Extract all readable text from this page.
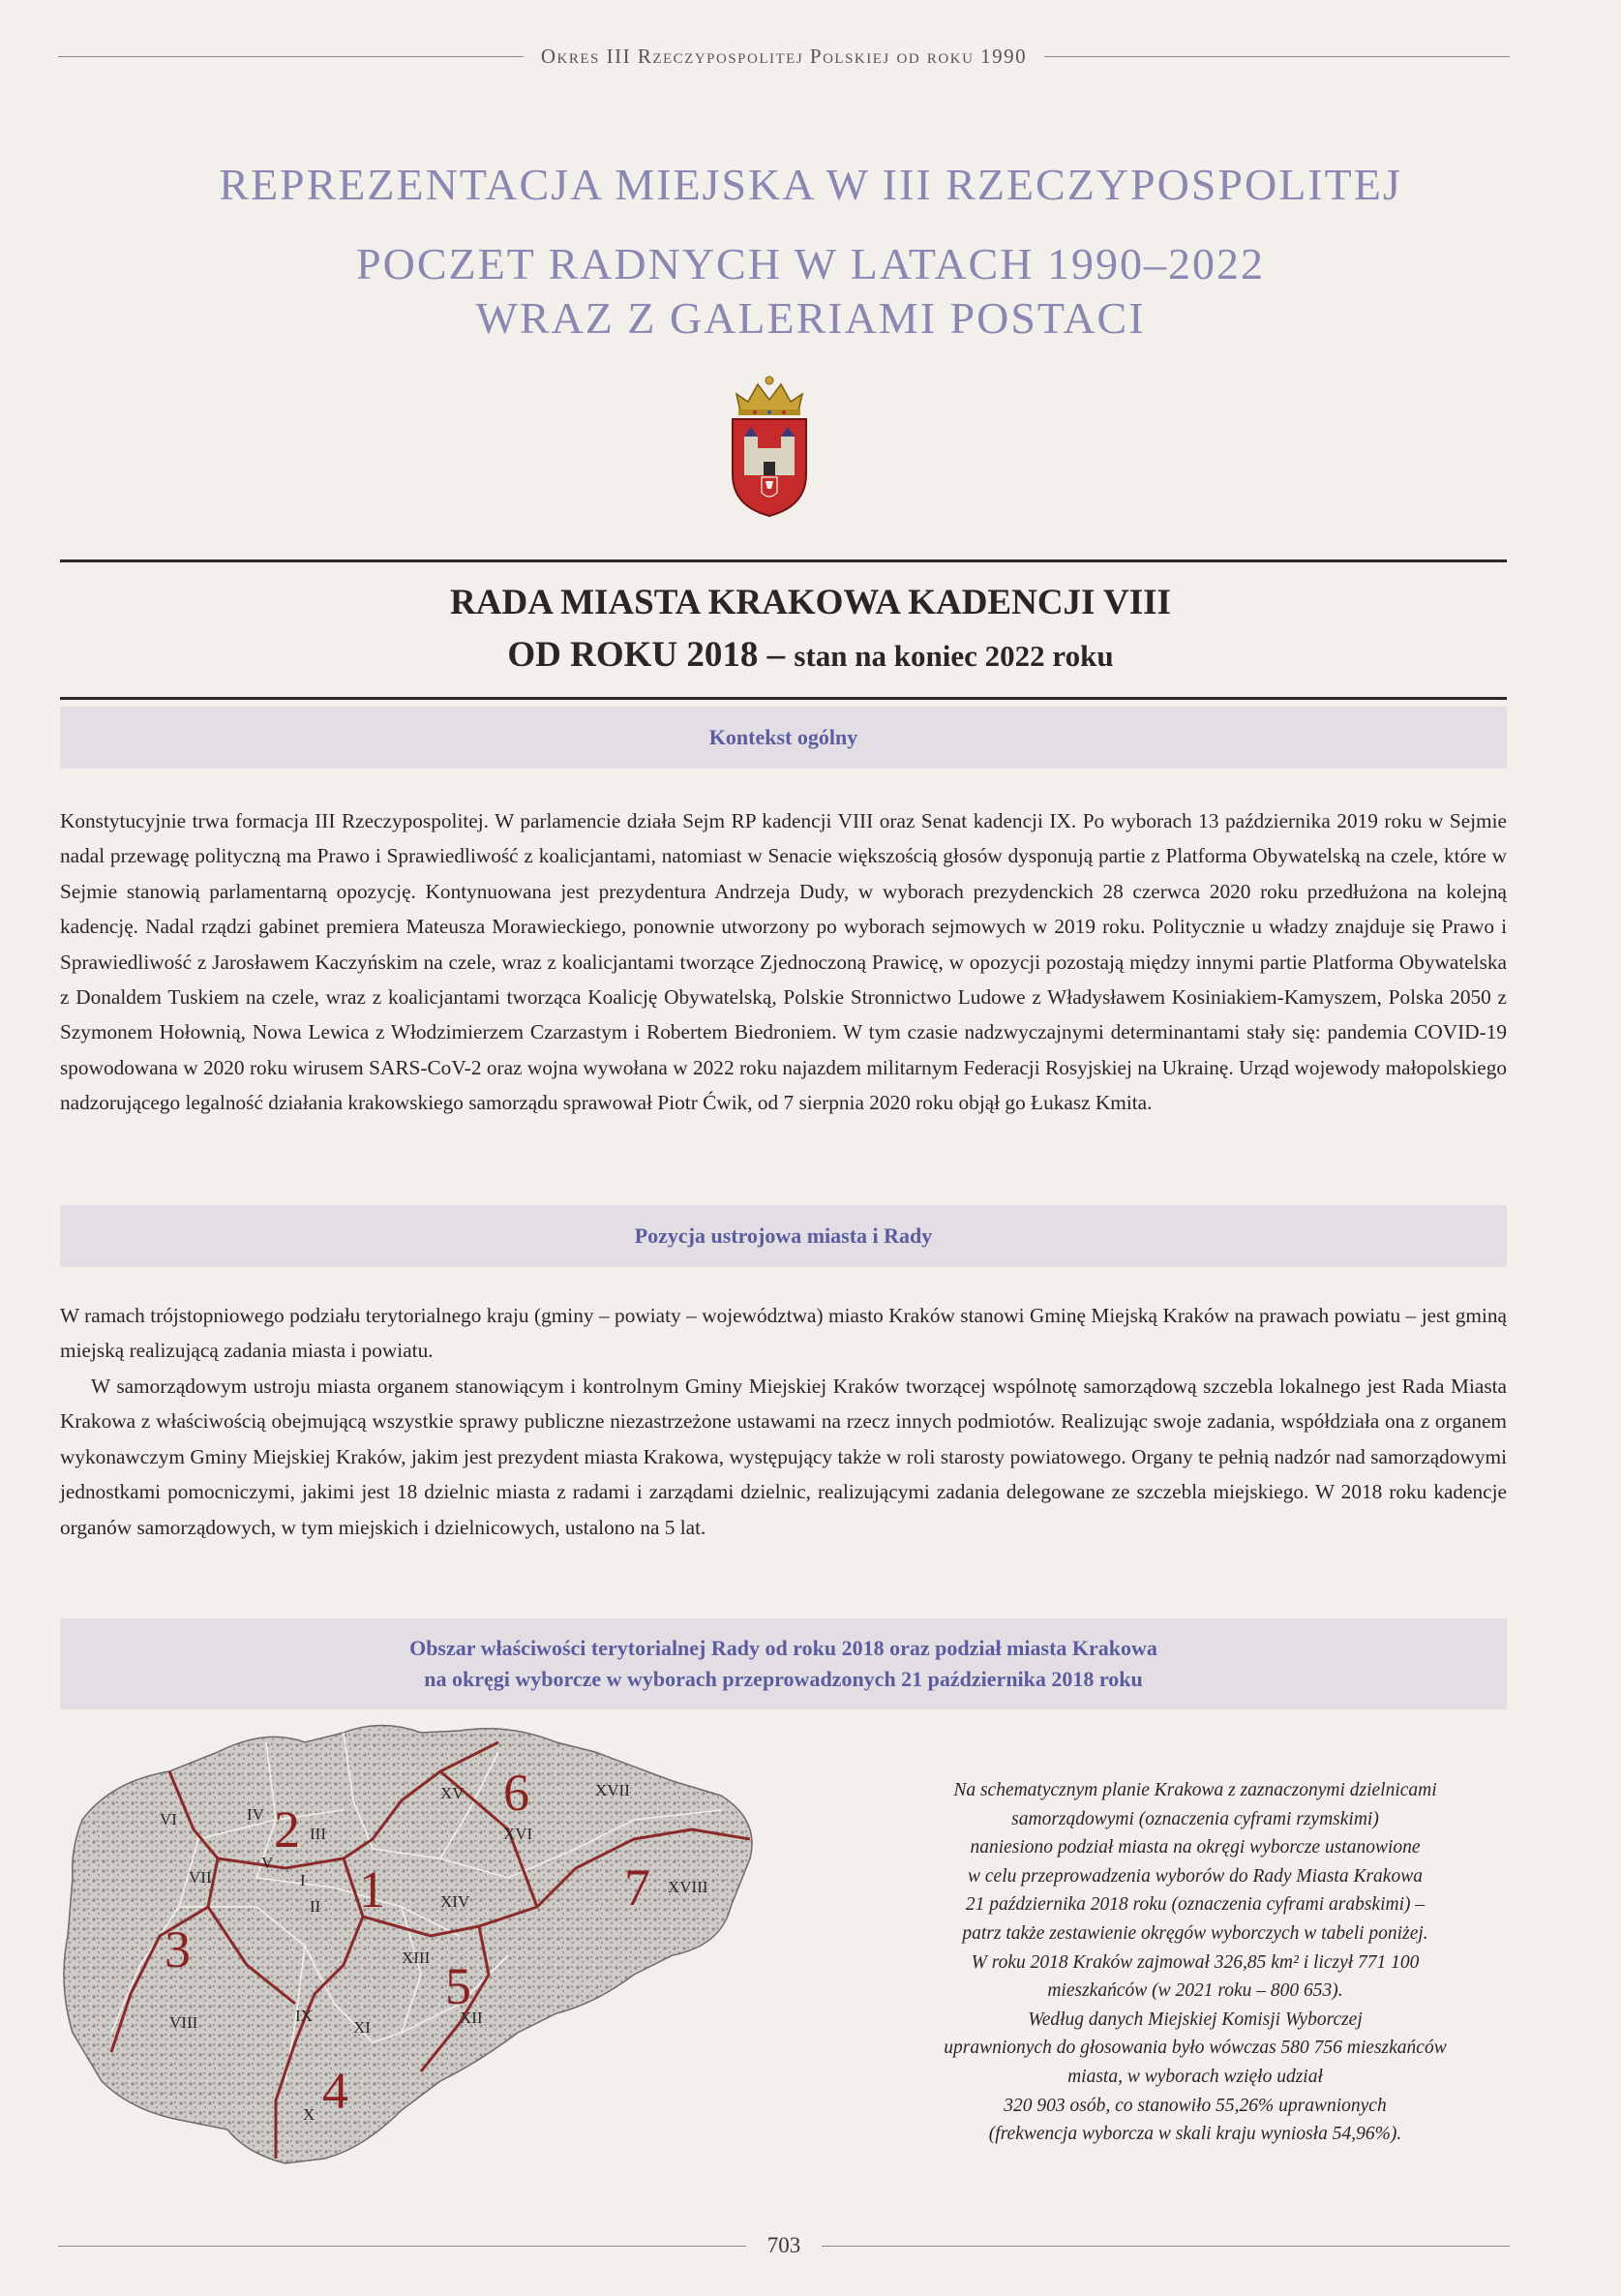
Okres III Rzeczypospolitej Polskiej od roku 1990
REPREZENTACJA MIEJSKA W III RZECZYPOSPOLITEJ
POCZET RADNYCH W LATACH 1990–2022
WRAZ Z GALERIAMI POSTACI
RADA MIASTA KRAKOWA KADENCJI VIII
OD ROKU 2018 – stan na koniec 2022 roku
Kontekst ogólny
Konstytucyjnie trwa formacja III Rzeczypospolitej. W parlamencie działa Sejm RP kadencji VIII oraz Senat kadencji IX. Po wyborach 13 października 2019 roku w Sejmie nadal przewagę polityczną ma Prawo i Sprawiedliwość z koalicjantami, natomiast w Senacie większością głosów dysponują partie z Platforma Obywatelską na czele, które w Sejmie stanowią parlamentarną opozycję. Kontynuowana jest prezydentura Andrzeja Dudy, w wyborach prezydenckich 28 czerwca 2020 roku przedłużona na kolejną kadencję. Nadal rządzi gabinet premiera Mateusza Morawieckiego, ponownie utworzony po wyborach sejmowych w 2019 roku. Politycznie u władzy znajduje się Prawo i Sprawiedliwość z Jarosławem Kaczyńskim na czele, wraz z koalicjantami tworzące Zjednoczoną Prawicę, w opozycji pozostają między innymi partie Platforma Obywatelska z Donaldem Tuskiem na czele, wraz z koalicjantami tworząca Koalicję Obywatelską, Polskie Stronnictwo Ludowe z Władysławem Kosiniakiem-Kamyszem, Polska 2050 z Szymonem Hołownią, Nowa Lewica z Włodzimierzem Czarzastym i Robertem Biedroniem. W tym czasie nadzwyczajnymi determinantami stały się: pandemia COVID-19 spowodowana w 2020 roku wirusem SARS-CoV-2 oraz wojna wywołana w 2022 roku najazdem militarnym Federacji Rosyjskiej na Ukrainę. Urząd wojewody małopolskiego nadzorującego legalność działania krakowskiego samorządu sprawował Piotr Ćwik, od 7 sierpnia 2020 roku objął go Łukasz Kmita.
Pozycja ustrojowa miasta i Rady
W ramach trójstopniowego podziału terytorialnego kraju (gminy – powiaty – województwa) miasto Kraków stanowi Gminę Miejską Kraków na prawach powiatu – jest gminą miejską realizującą zadania miasta i powiatu.
W samorządowym ustroju miasta organem stanowiącym i kontrolnym Gminy Miejskiej Kraków tworzącej wspólnotę samorządową szczebla lokalnego jest Rada Miasta Krakowa z właściwością obejmującą wszystkie sprawy publiczne niezastrzeżone ustawami na rzecz innych podmiotów. Realizując swoje zadania, współdziała ona z organem wykonawczym Gminy Miejskiej Kraków, jakim jest prezydent miasta Krakowa, występujący także w roli starosty powiatowego. Organy te pełnią nadzór nad samorządowymi jednostkami pomocniczymi, jakimi jest 18 dzielnic miasta z radami i zarządami dzielnic, realizującymi zadania delegowane ze szczebla miejskiego. W 2018 roku kadencje organów samorządowych, w tym miejskich i dzielnicowych, ustalono na 5 lat.
Obszar właściwości terytorialnej Rady od roku 2018 oraz podział miasta Krakowa
na okręgi wyborcze w wyborach przeprowadzonych 21 października 2018 roku
I
II
III
IV
V
VI
VII
VIII	IX
X
XI
XII
XIII
XIV
XV
XVI
XVII
XVIII
1
2
3
4
5
6
7
Na schematycznym planie Krakowa z zaznaczonymi dzielnicami
samorządowymi (oznaczenia cyframi rzymskimi)
naniesiono podział miasta na okręgi wyborcze ustanowione
w celu przeprowadzenia wyborów do Rady Miasta Krakowa
21 października 2018 roku (oznaczenia cyframi arabskimi) –
patrz także zestawienie okręgów wyborczych w tabeli poniżej.
W roku 2018 Kraków zajmował 326,85 km² i liczył 771 100
mieszkańców (w 2021 roku – 800 653).
Według danych Miejskiej Komisji Wyborczej
uprawnionych do głosowania było wówczas 580 756 mieszkańców
miasta, w wyborach wzięło udział
320 903 osób, co stanowiło 55,26% uprawnionych
(frekwencja wyborcza w skali kraju wyniosła 54,96%).
703
